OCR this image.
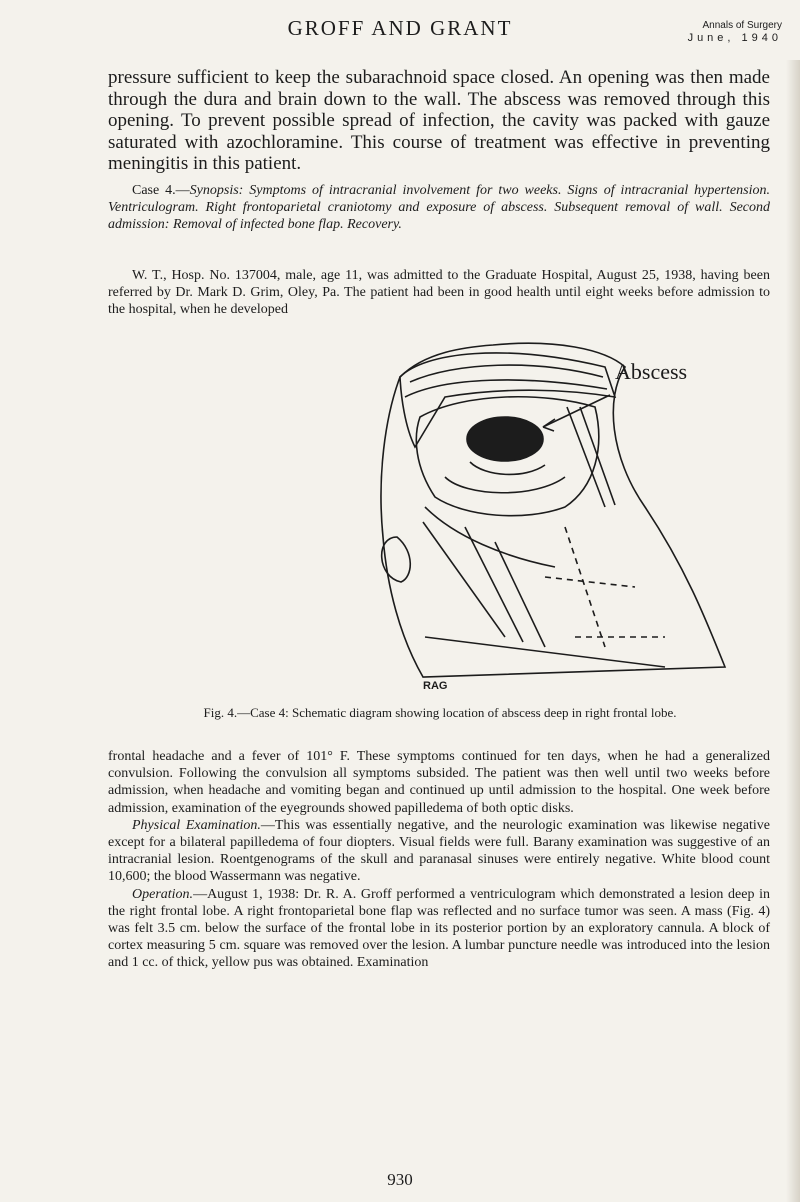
GROFF AND GRANT	Annals of Surgery
June, 1940

pressure sufficient to keep the subarachnoid space closed. An opening was then made through the dura and brain down to the wall. The abscess was removed through this opening. To prevent possible spread of infection, the cavity was packed with gauze saturated with azochloramine. This course of treatment was effective in preventing meningitis in this patient.

Case 4.—Synopsis: Symptoms of intracranial involvement for two weeks. Signs of intracranial hypertension. Ventriculogram. Right frontoparietal craniotomy and exposure of abscess. Subsequent removal of wall. Second admission: Removal of infected bone flap. Recovery.

W. T., Hosp. No. 137004, male, age 11, was admitted to the Graduate Hospital, August 25, 1938, having been referred by Dr. Mark D. Grim, Oley, Pa. The patient had been in good health until eight weeks before admission to the hospital, when he developed

Abscess
RAG
Fig. 4.—Case 4: Schematic diagram showing location of abscess deep in right frontal lobe.

frontal headache and a fever of 101° F. These symptoms continued for ten days, when he had a generalized convulsion. Following the convulsion all symptoms subsided. The patient was then well until two weeks before admission, when headache and vomiting began and continued up until admission to the hospital. One week before admission, examination of the eyegrounds showed papilledema of both optic disks.

Physical Examination.—This was essentially negative, and the neurologic examination was likewise negative except for a bilateral papilledema of four diopters. Visual fields were full. Barany examination was suggestive of an intracranial lesion. Roentgenograms of the skull and paranasal sinuses were entirely negative. White blood count 10,600; the blood Wassermann was negative.

Operation.—August 1, 1938: Dr. R. A. Groff performed a ventriculogram which demonstrated a lesion deep in the right frontal lobe. A right frontoparietal bone flap was reflected and no surface tumor was seen. A mass (Fig. 4) was felt 3.5 cm. below the surface of the frontal lobe in its posterior portion by an exploratory cannula. A block of cortex measuring 5 cm. square was removed over the lesion. A lumbar puncture needle was introduced into the lesion and 1 cc. of thick, yellow pus was obtained. Examination

930
